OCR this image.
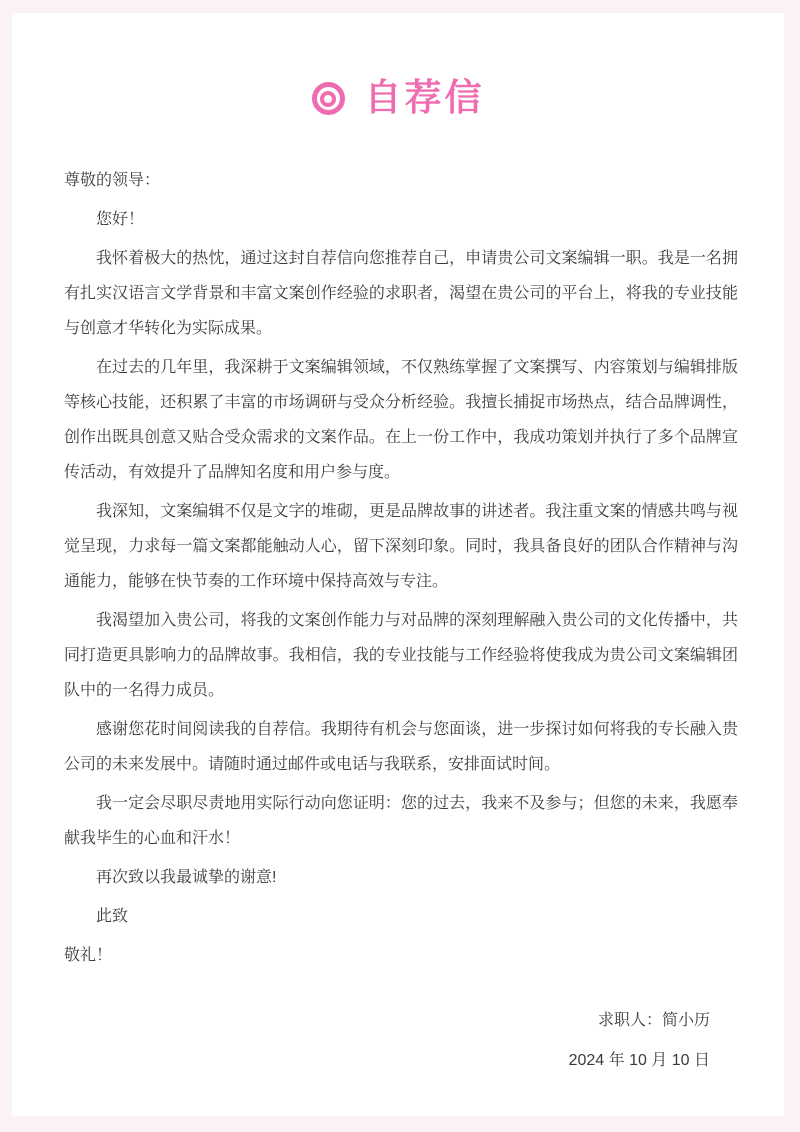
自荐信

尊敬的领导：

您好！

我怀着极大的热忱，通过这封自荐信向您推荐自己，申请贵公司文案编辑一职。我是一名拥有扎实汉语言文学背景和丰富文案创作经验的求职者，渴望在贵公司的平台上，将我的专业技能与创意才华转化为实际成果。

在过去的几年里，我深耕于文案编辑领域，不仅熟练掌握了文案撰写、内容策划与编辑排版等核心技能，还积累了丰富的市场调研与受众分析经验。我擅长捕捉市场热点，结合品牌调性，创作出既具创意又贴合受众需求的文案作品。在上一份工作中，我成功策划并执行了多个品牌宣传活动，有效提升了品牌知名度和用户参与度。

我深知，文案编辑不仅是文字的堆砌，更是品牌故事的讲述者。我注重文案的情感共鸣与视觉呈现，力求每一篇文案都能触动人心，留下深刻印象。同时，我具备良好的团队合作精神与沟通能力，能够在快节奏的工作环境中保持高效与专注。

我渴望加入贵公司，将我的文案创作能力与对品牌的深刻理解融入贵公司的文化传播中，共同打造更具影响力的品牌故事。我相信，我的专业技能与工作经验将使我成为贵公司文案编辑团队中的一名得力成员。

感谢您花时间阅读我的自荐信。我期待有机会与您面谈，进一步探讨如何将我的专长融入贵公司的未来发展中。请随时通过邮件或电话与我联系，安排面试时间。

我一定会尽职尽责地用实际行动向您证明：您的过去，我来不及参与；但您的未来，我愿奉献我毕生的心血和汗水！

再次致以我最诚挚的谢意!

此致

敬礼！

求职人：简小历

2024 年 10 月 10 日
